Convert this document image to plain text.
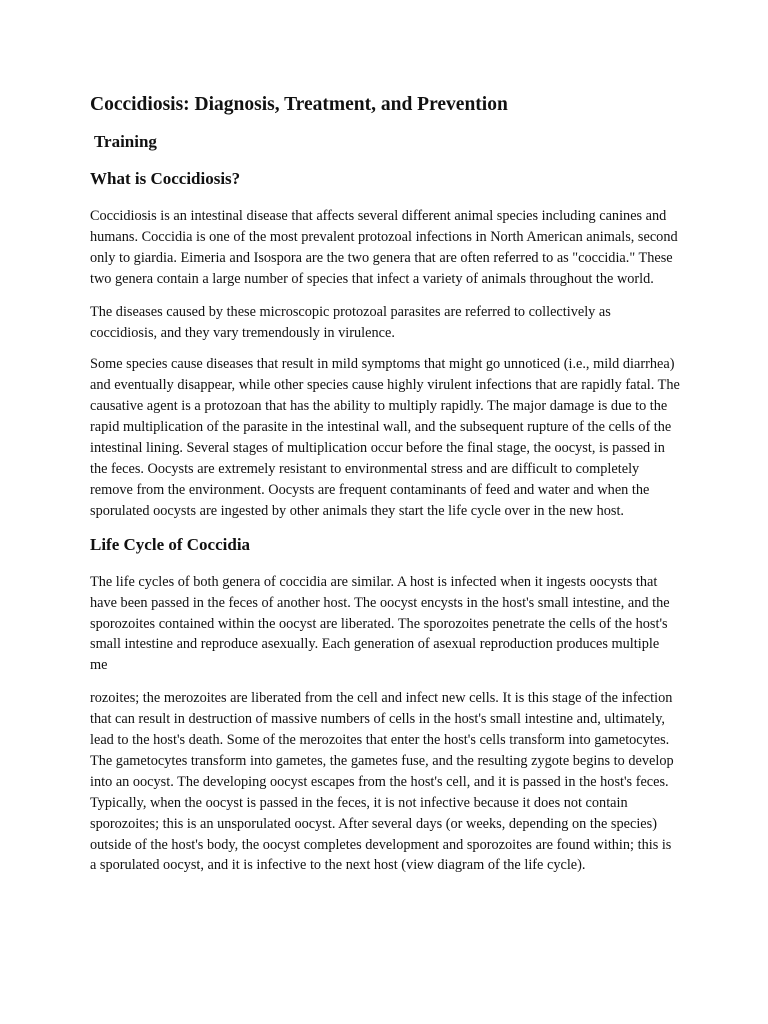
Coccidiosis: Diagnosis, Treatment, and Prevention
Training
What is Coccidiosis?

Coccidiosis is an intestinal disease that affects several different animal species including canines and humans. Coccidia is one of the most prevalent protozoal infections in North American animals, second only to giardia. Eimeria and Isospora are the two genera that are often referred to as "coccidia." These two genera contain a large number of species that infect a variety of animals throughout the world.

The diseases caused by these microscopic protozoal parasites are referred to collectively as coccidiosis, and they vary tremendously in virulence.

Some species cause diseases that result in mild symptoms that might go unnoticed (i.e., mild diarrhea) and eventually disappear, while other species cause highly virulent infections that are rapidly fatal. The causative agent is a protozoan that has the ability to multiply rapidly. The major damage is due to the rapid multiplication of the parasite in the intestinal wall, and the subsequent rupture of the cells of the intestinal lining. Several stages of multiplication occur before the final stage, the oocyst, is passed in the feces. Oocysts are extremely resistant to environmental stress and are difficult to completely remove from the environment. Oocysts are frequent contaminants of feed and water and when the sporulated oocysts are ingested by other animals they start the life cycle over in the new host.

Life Cycle of Coccidia

The life cycles of both genera of coccidia are similar. A host is infected when it ingests oocysts that have been passed in the feces of another host. The oocyst encysts in the host's small intestine, and the sporozoites contained within the oocyst are liberated. The sporozoites penetrate the cells of the host's small intestine and reproduce asexually. Each generation of asexual reproduction produces multiple me

rozoites; the merozoites are liberated from the cell and infect new cells. It is this stage of the infection that can result in destruction of massive numbers of cells in the host's small intestine and, ultimately, lead to the host's death. Some of the merozoites that enter the host's cells transform into gametocytes. The gametocytes transform into gametes, the gametes fuse, and the resulting zygote begins to develop into an oocyst. The developing oocyst escapes from the host's cell, and it is passed in the host's feces. Typically, when the oocyst is passed in the feces, it is not infective because it does not contain sporozoites; this is an unsporulated oocyst. After several days (or weeks, depending on the species) outside of the host's body, the oocyst completes development and sporozoites are found within; this is a sporulated oocyst, and it is infective to the next host (view diagram of the life cycle).
